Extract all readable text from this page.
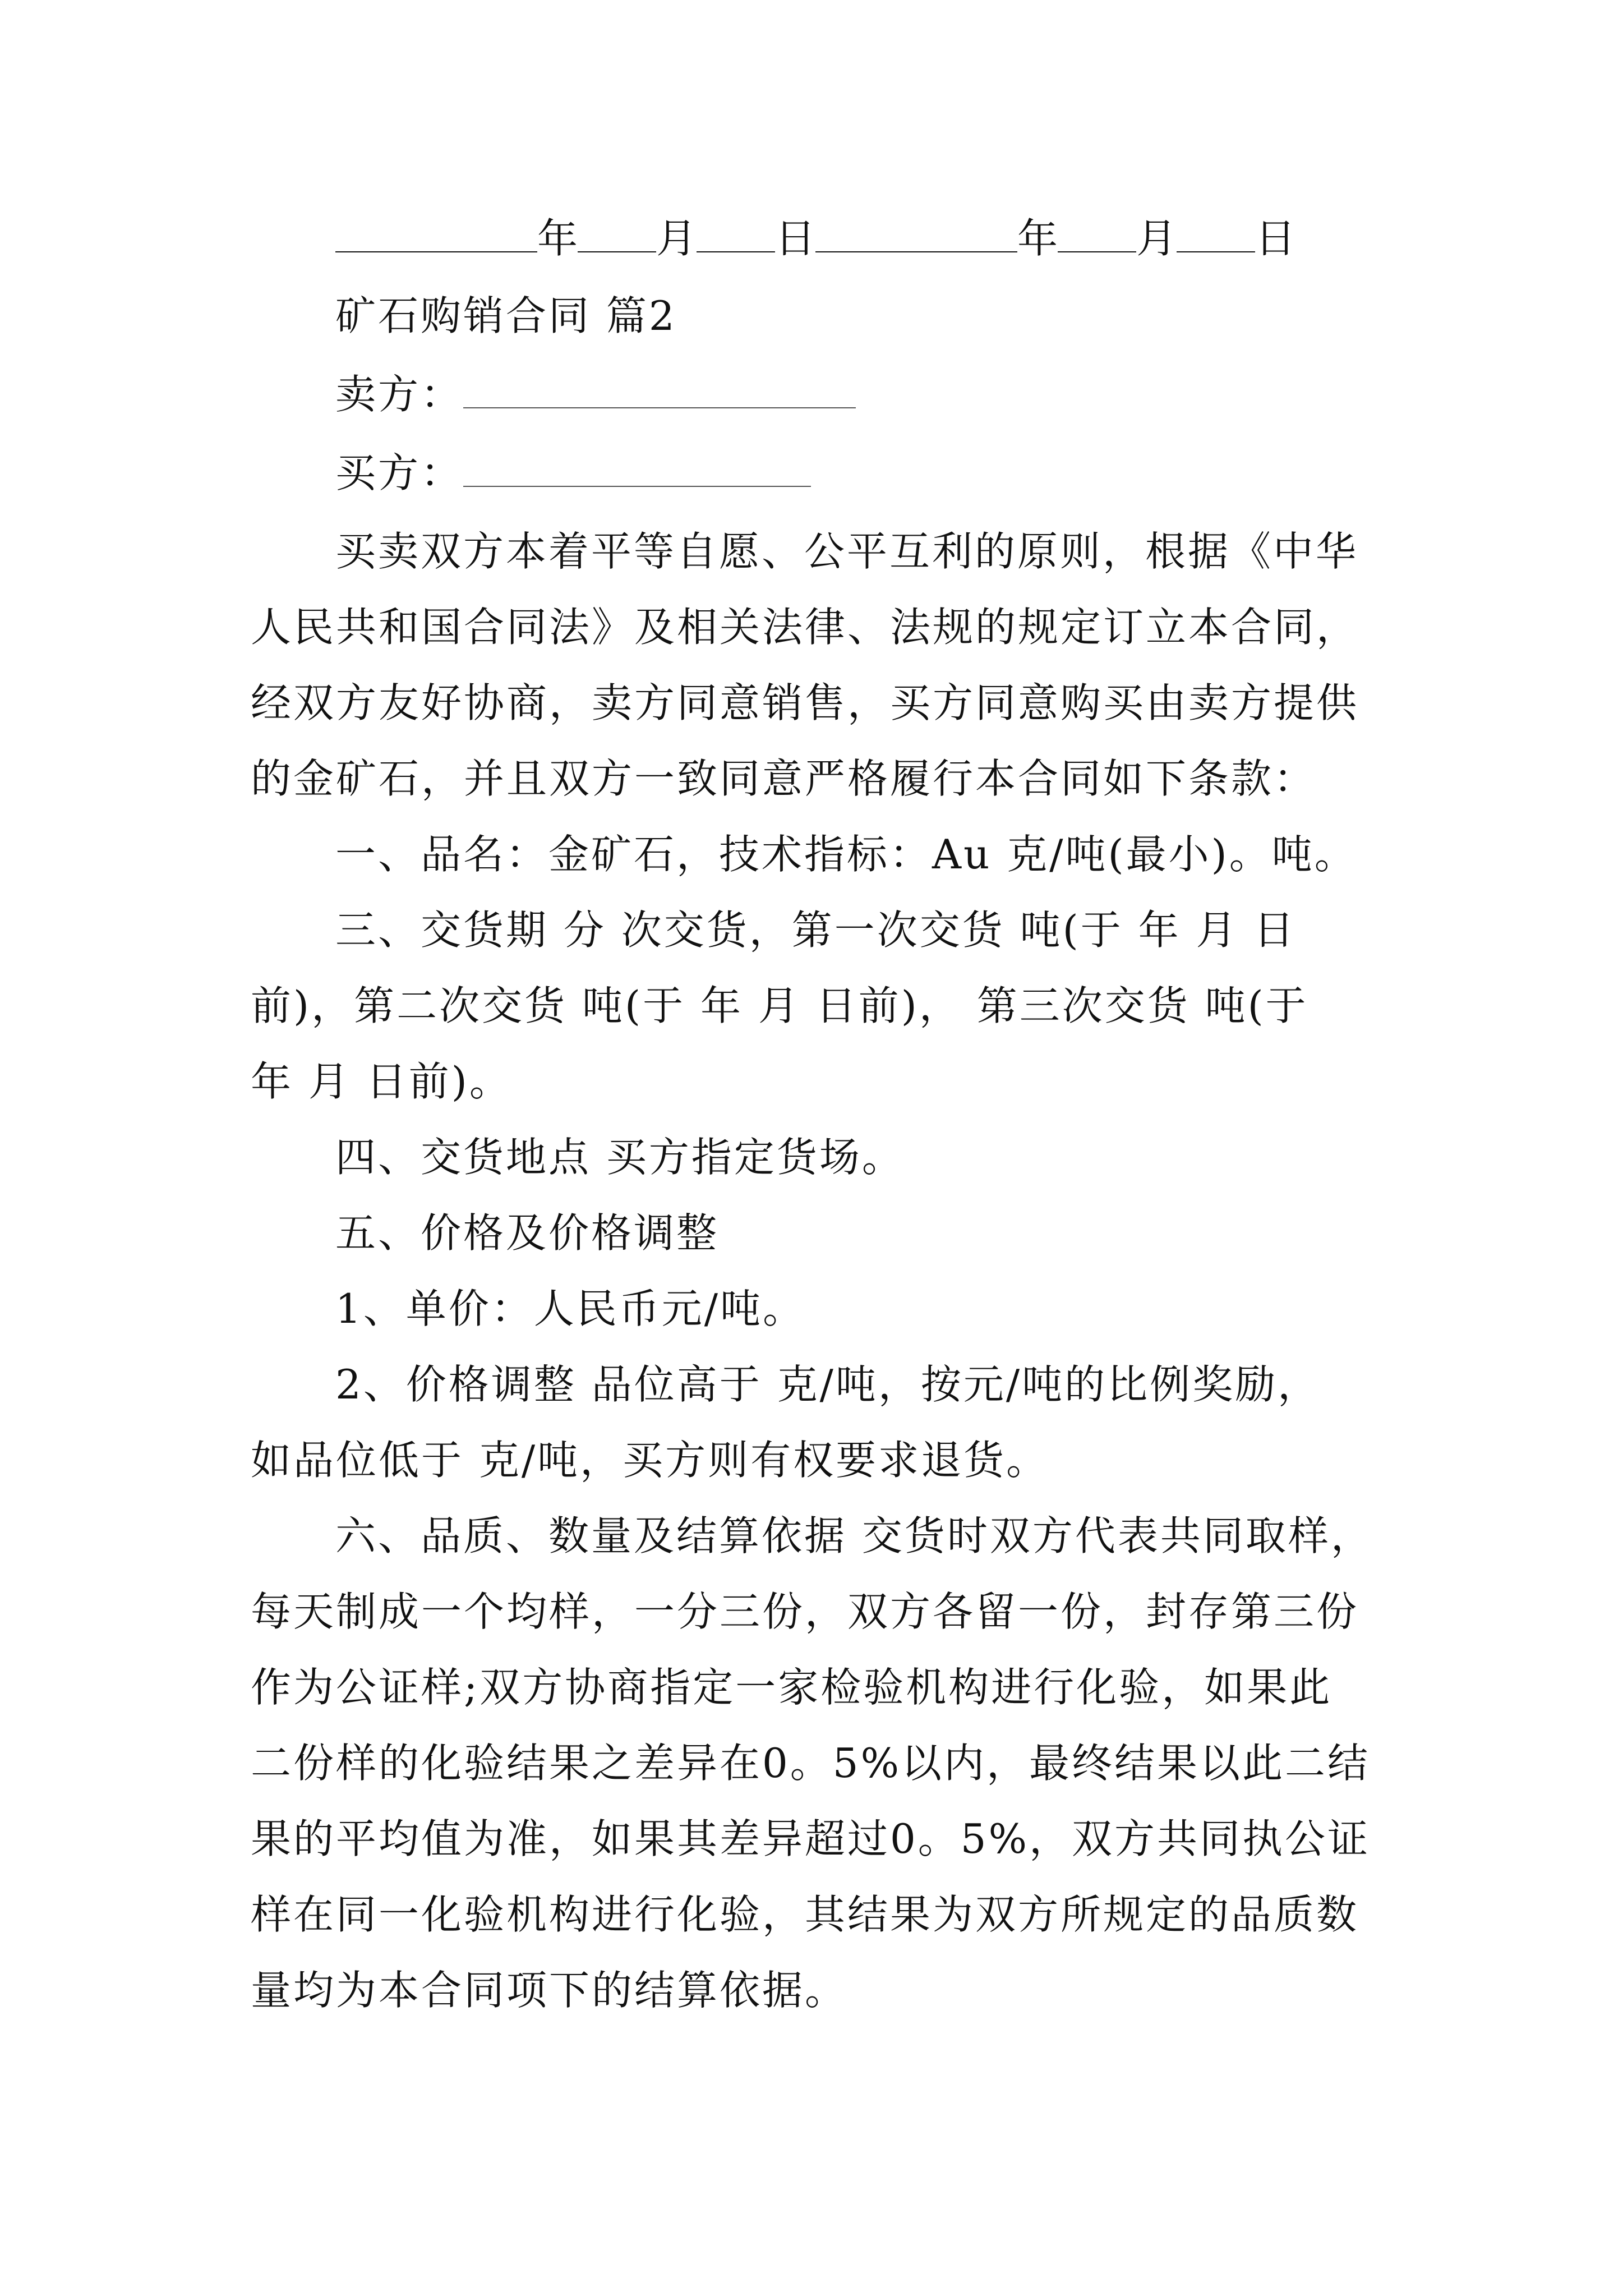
年 月 日	年 月 日
矿石购销合同 篇2
卖方：
买方：
买卖双方本着平等自愿、公平互利的原则，根据《中华
人民共和国合同法》及相关法律、法规的规定订立本合同，
经双方友好协商，卖方同意销售，买方同意购买由卖方提供
的金矿石，并且双方一致同意严格履行本合同如下条款：
一、品名：金矿石，技术指标：Au 克/吨(最小)。吨。
三、交货期 分 次交货，第一次交货 吨(于 年 月 日
前)，第二次交货 吨(于 年 月 日前)， 第三次交货 吨(于
年 月 日前)。
四、交货地点 买方指定货场。
五、价格及价格调整
1、单价：人民币元/吨。
2、价格调整 品位高于 克/吨，按元/吨的比例奖励，
如品位低于 克/吨，买方则有权要求退货。
六、品质、数量及结算依据 交货时双方代表共同取样，
每天制成一个均样，一分三份，双方各留一份，封存第三份
作为公证样;双方协商指定一家检验机构进行化验，如果此
二份样的化验结果之差异在0。5%以内，最终结果以此二结
果的平均值为准，如果其差异超过0。5%，双方共同执公证
样在同一化验机构进行化验，其结果为双方所规定的品质数
量均为本合同项下的结算依据。
